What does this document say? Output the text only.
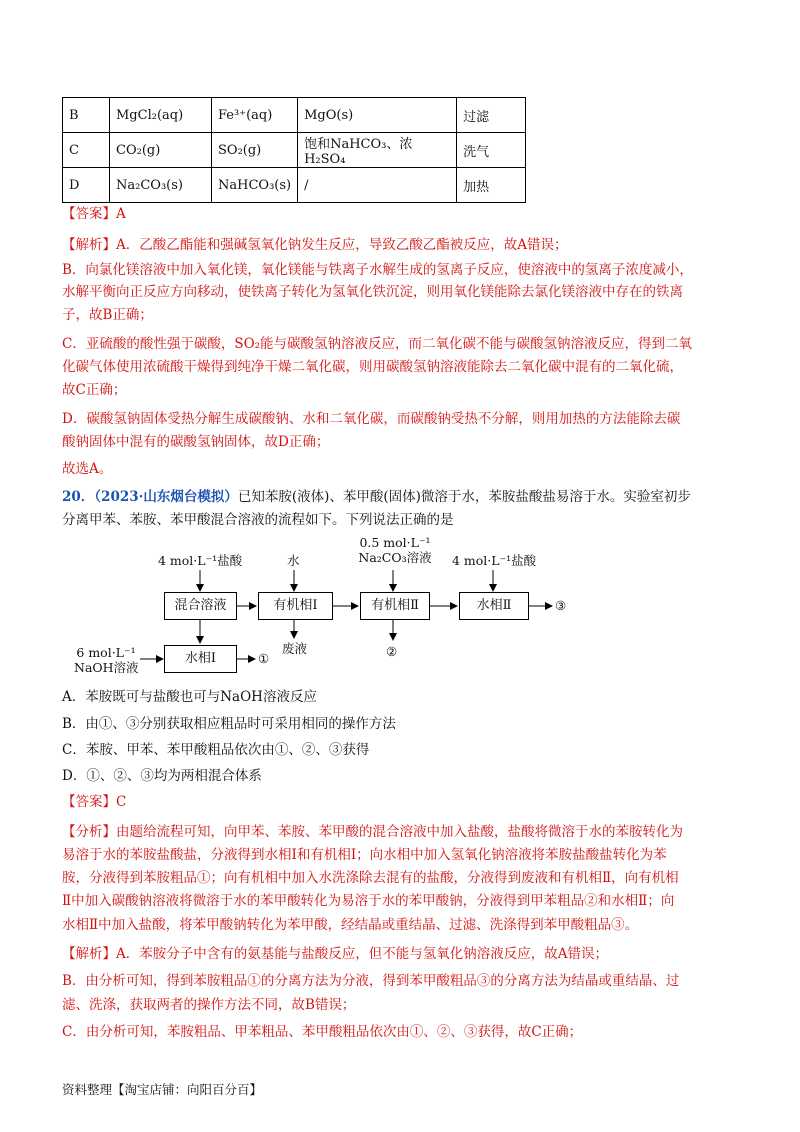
B	MgCl₂(aq)	Fe³⁺(aq)	MgO(s)	过滤
C	CO₂(g)	SO₂(g)	饱和NaHCO₃、浓H₂SO₄	洗气
D	Na₂CO₃(s)	NaHCO₃(s)	/	加热
【答案】A
【解析】A．乙酸乙酯能和强碱氢氧化钠发生反应，导致乙酸乙酯被反应，故A错误；
B．向氯化镁溶液中加入氧化镁，氧化镁能与铁离子水解生成的氢离子反应，使溶液中的氢离子浓度减小，
水解平衡向正反应方向移动，使铁离子转化为氢氧化铁沉淀，则用氧化镁能除去氯化镁溶液中存在的铁离
子，故B正确；
C．亚硫酸的酸性强于碳酸，SO₂能与碳酸氢钠溶液反应，而二氧化碳不能与碳酸氢钠溶液反应，得到二氧
化碳气体使用浓硫酸干燥得到纯净干燥二氧化碳，则用碳酸氢钠溶液能除去二氧化碳中混有的二氧化硫，
故C正确；
D．碳酸氢钠固体受热分解生成碳酸钠、水和二氧化碳，而碳酸钠受热不分解，则用加热的方法能除去碳
酸钠固体中混有的碳酸氢钠固体，故D正确；
故选A。
20．（2023·山东烟台模拟）已知苯胺(液体)、苯甲酸(固体)微溶于水，苯胺盐酸盐易溶于水。实验室初步
分离甲苯、苯胺、苯甲酸混合溶液的流程如下。下列说法正确的是
4 mol·L⁻¹盐酸	水
0.5 mol·L⁻¹
Na₂CO₃溶液 4 mol·L⁻¹盐酸
混合溶液	有机相Ⅰ	有机相Ⅱ	水相Ⅱ	③
废液	②
6 mol·L⁻¹
NaOH溶液
水相Ⅰ	①
A．苯胺既可与盐酸也可与NaOH溶液反应
B．由①、③分别获取相应粗品时可采用相同的操作方法
C．苯胺、甲苯、苯甲酸粗品依次由①、②、③获得
D．①、②、③均为两相混合体系
【答案】C
【分析】由题给流程可知，向甲苯、苯胺、苯甲酸的混合溶液中加入盐酸，盐酸将微溶于水的苯胺转化为
易溶于水的苯胺盐酸盐，分液得到水相Ⅰ和有机相Ⅰ；向水相中加入氢氧化钠溶液将苯胺盐酸盐转化为苯
胺，分液得到苯胺粗品①；向有机相中加入水洗涤除去混有的盐酸，分液得到废液和有机相Ⅱ，向有机相
Ⅱ中加入碳酸钠溶液将微溶于水的苯甲酸转化为易溶于水的苯甲酸钠，分液得到甲苯粗品②和水相Ⅱ；向
水相Ⅱ中加入盐酸，将苯甲酸钠转化为苯甲酸，经结晶或重结晶、过滤、洗涤得到苯甲酸粗品③。
【解析】A．苯胺分子中含有的氨基能与盐酸反应，但不能与氢氧化钠溶液反应，故A错误；
B．由分析可知，得到苯胺粗品①的分离方法为分液，得到苯甲酸粗品③的分离方法为结晶或重结晶、过
滤、洗涤，获取两者的操作方法不同，故B错误；
C．由分析可知，苯胺粗品、甲苯粗品、苯甲酸粗品依次由①、②、③获得，故C正确；
资料整理【淘宝店铺：向阳百分百】
